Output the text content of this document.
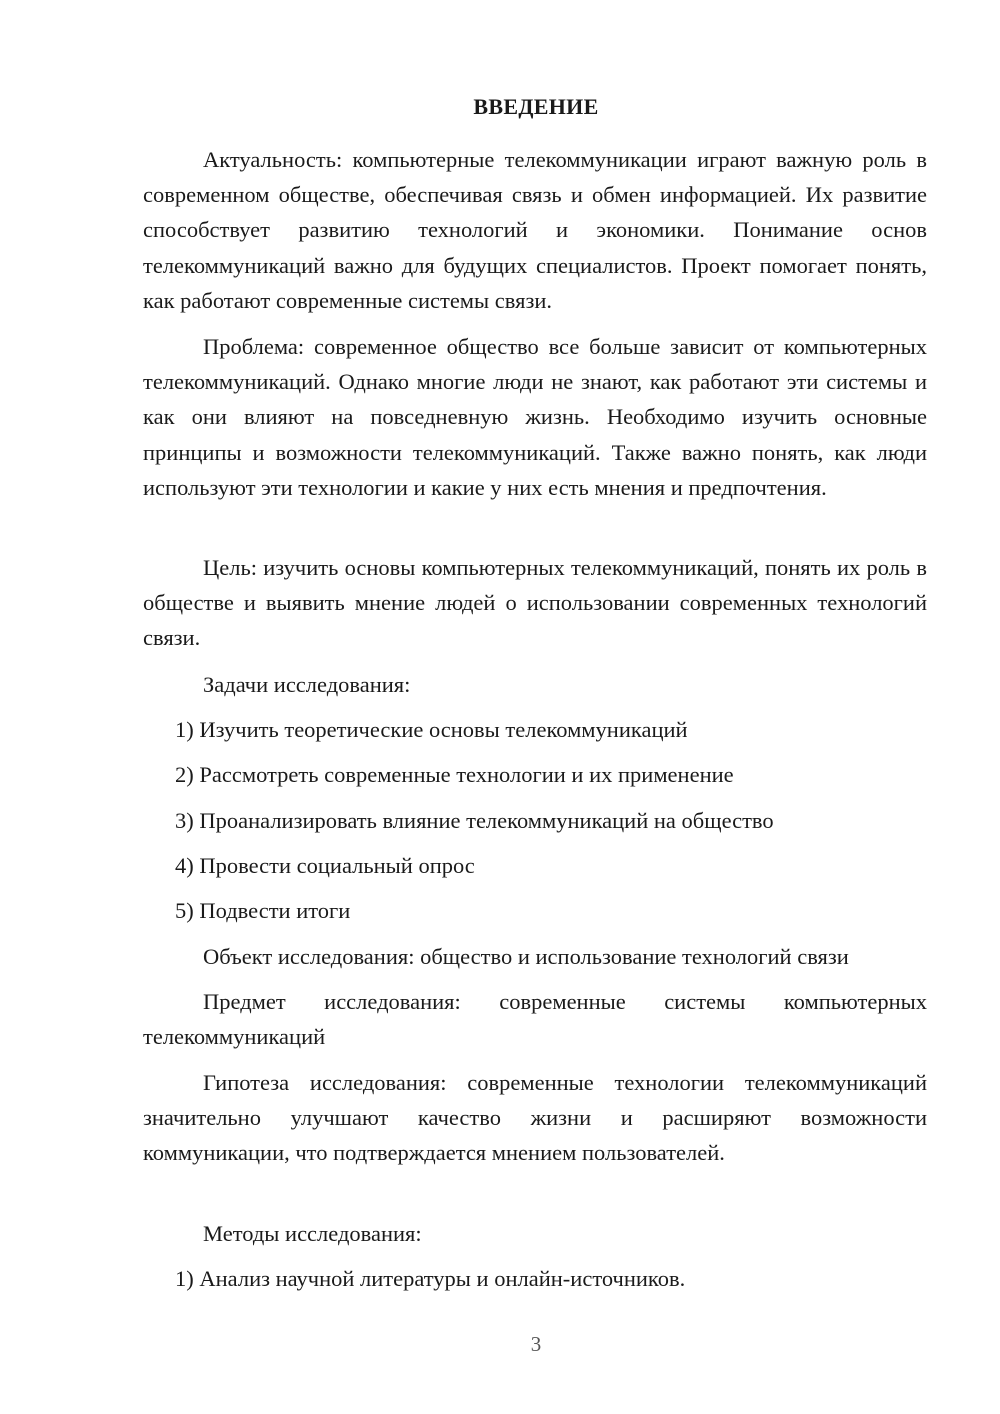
ВВЕДЕНИЕ
Актуальность: компьютерные телекоммуникации играют важную роль в современном обществе, обеспечивая связь и обмен информацией. Их развитие способствует развитию технологий и экономики. Понимание основ телекоммуникаций важно для будущих специалистов. Проект помогает понять, как работают современные системы связи.
Проблема: современное общество все больше зависит от компьютерных телекоммуникаций. Однако многие люди не знают, как работают эти системы и как они влияют на повседневную жизнь. Необходимо изучить основные принципы и возможности телекоммуникаций. Также важно понять, как люди используют эти технологии и какие у них есть мнения и предпочтения.
Цель: изучить основы компьютерных телекоммуникаций, понять их роль в обществе и выявить мнение людей о использовании современных технологий связи.
Задачи исследования:
1) Изучить теоретические основы телекоммуникаций
2) Рассмотреть современные технологии и их применение
3) Проанализировать влияние телекоммуникаций на общество
4) Провести социальный опрос
5) Подвести итоги
Объект исследования: общество и использование технологий связи
Предмет исследования: современные системы компьютерных телекоммуникаций
Гипотеза исследования: современные технологии телекоммуникаций значительно улучшают качество жизни и расширяют возможности коммуникации, что подтверждается мнением пользователей.
Методы исследования:
1) Анализ научной литературы и онлайн-источников.
3
